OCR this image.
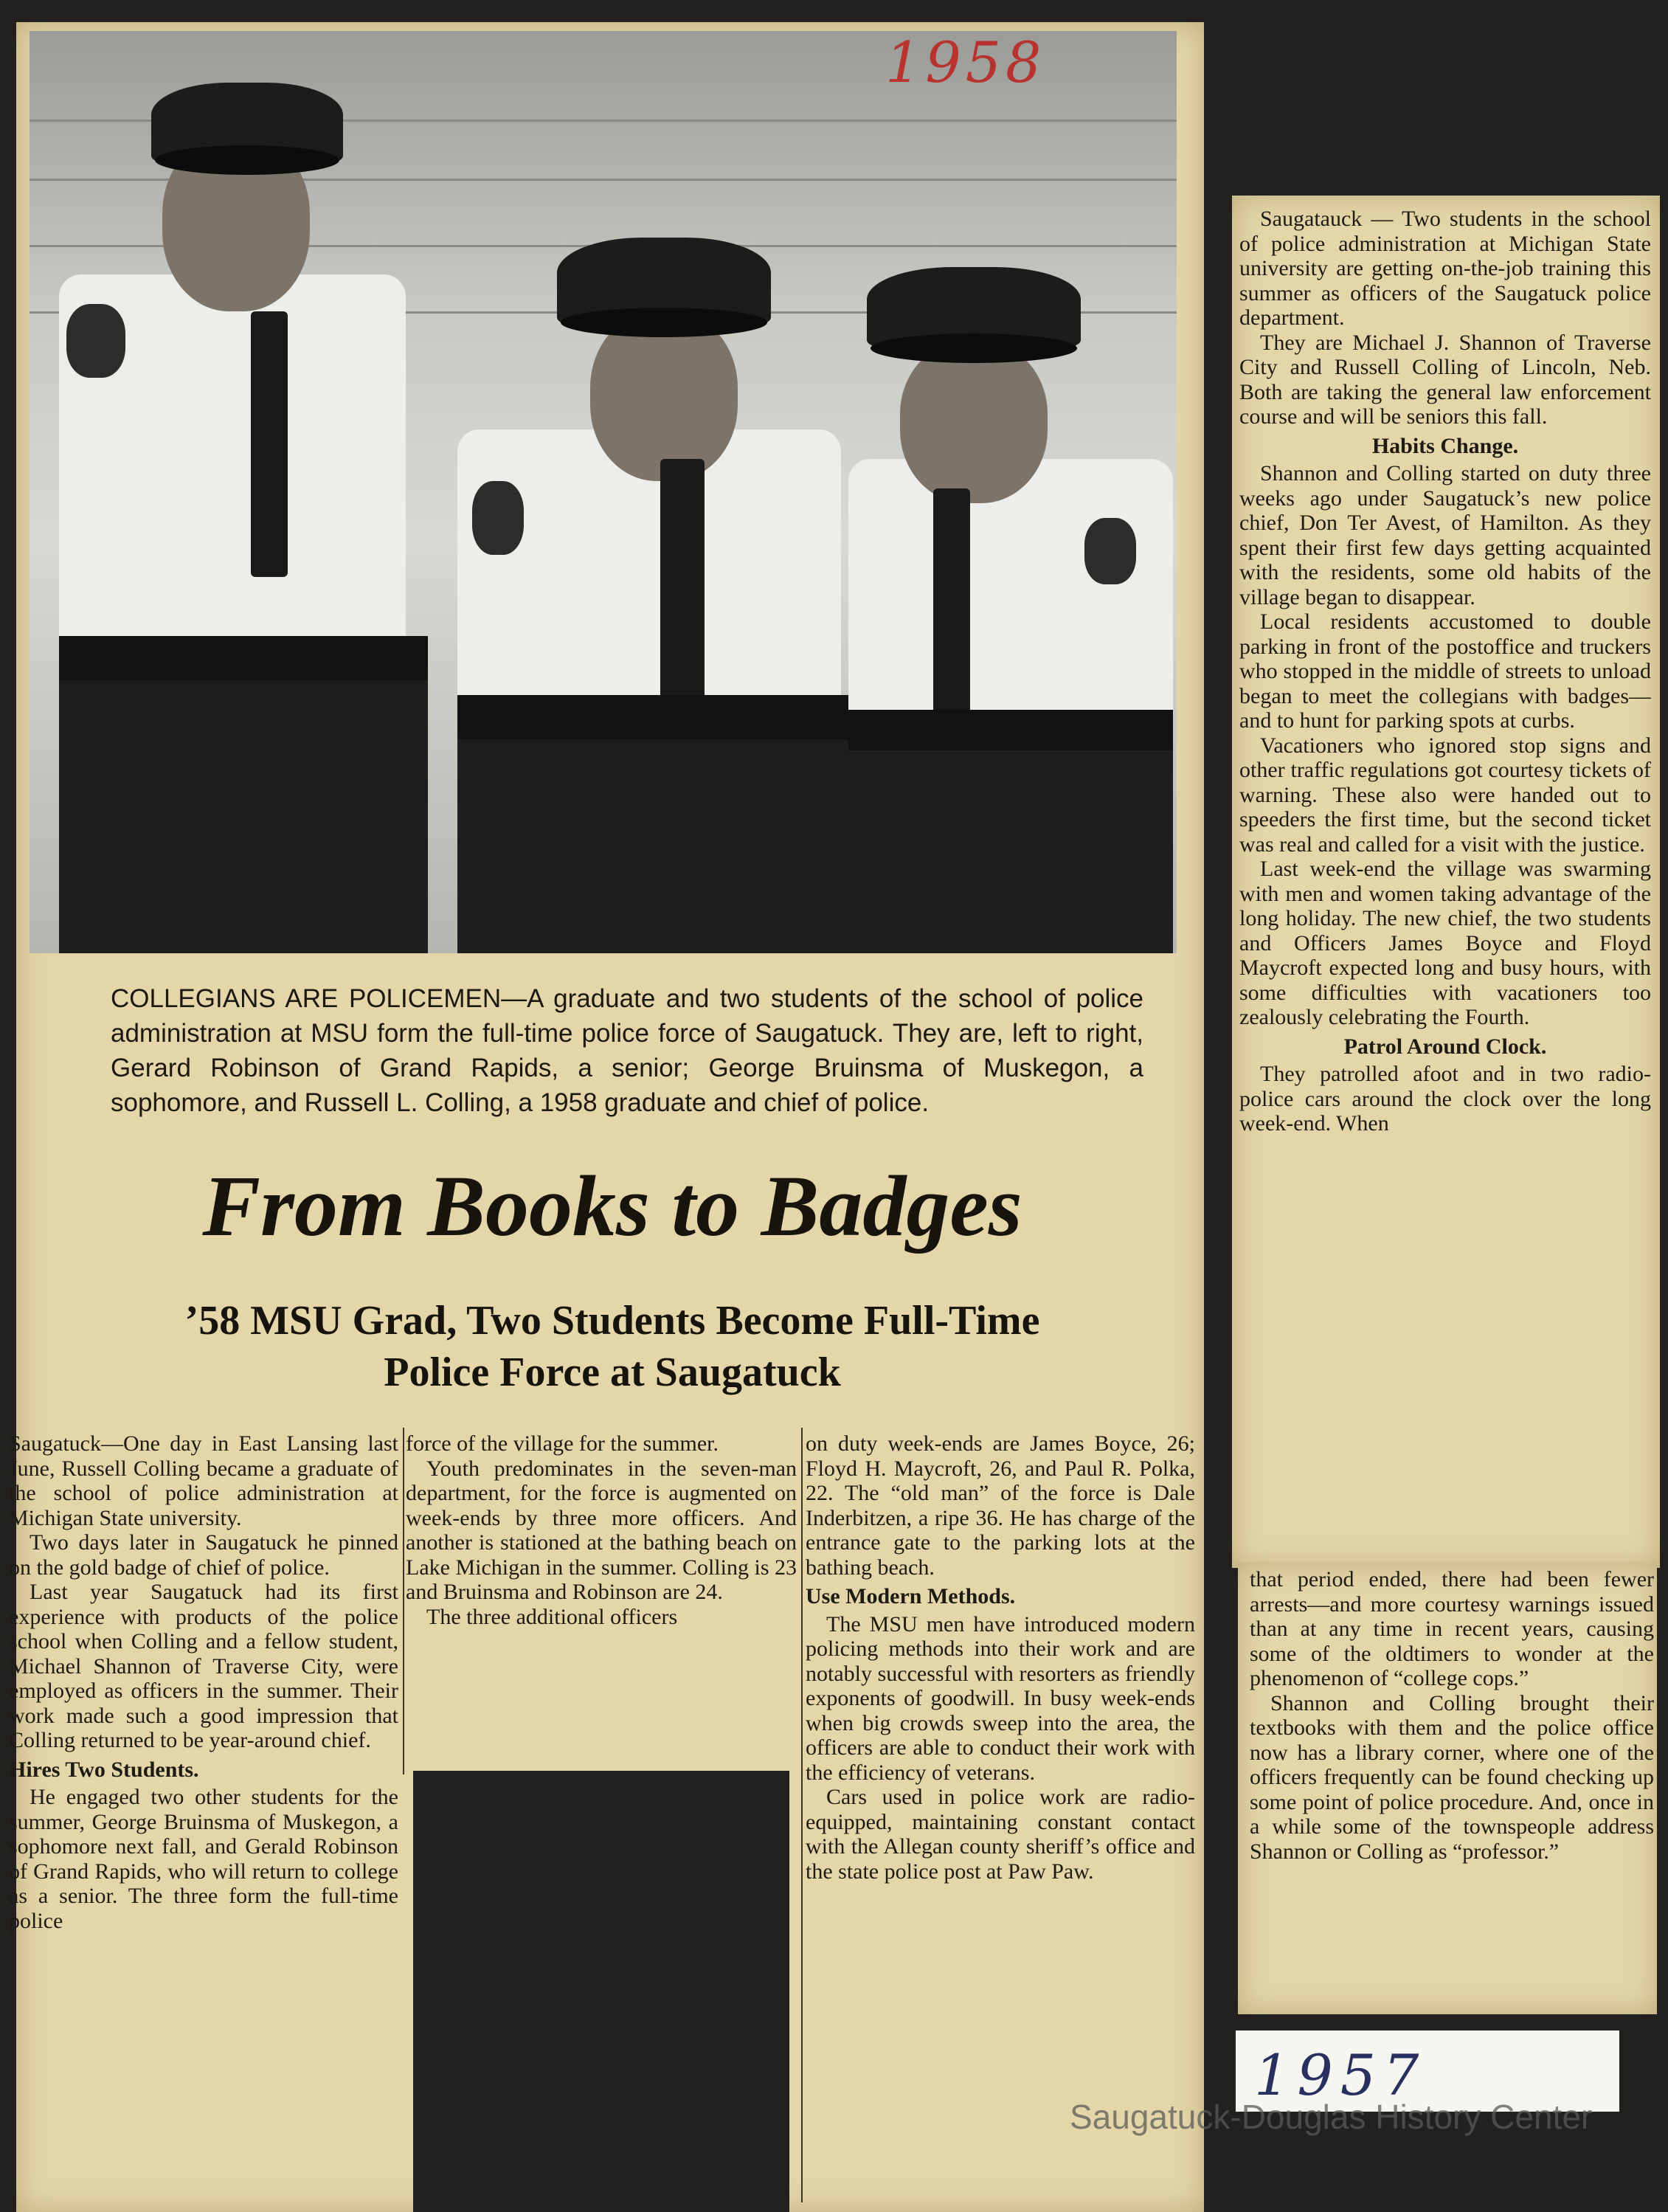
1958
COLLEGIANS ARE POLICEMEN—A graduate and two students of the school of police administration at MSU form the full-time police force of Saugatuck. They are, left to right, Gerard Robinson of Grand Rapids, a senior; George Bruinsma of Muskegon, a sophomore, and Russell L. Colling, a 1958 graduate and chief of police.
From Books to Badges
’58 MSU Grad, Two Students Become Full-Time
Police Force at Saugatuck

Saugatuck—One day in East Lansing last June, Russell Colling became a graduate of the school of police administration at Michigan State university.

Two days later in Saugatuck he pinned on the gold badge of chief of police.

Last year Saugatuck had its first experience with products of the police school when Colling and a fellow student, Michael Shannon of Traverse City, were employed as officers in the summer. Their work made such a good impression that Colling returned to be year-around chief.

Hires Two Students.

He engaged two other students for the summer, George Bruinsma of Muskegon, a sophomore next fall, and Gerald Robinson of Grand Rapids, who will return to college as a senior. The three form the full-time police

force of the village for the summer.

Youth predominates in the seven-man department, for the force is augmented on week-ends by three more officers. And another is stationed at the bathing beach on Lake Michigan in the summer. Colling is 23 and Bruinsma and Robinson are 24.

The three additional officers

on duty week-ends are James Boyce, 26; Floyd H. Maycroft, 26, and Paul R. Polka, 22. The “old man” of the force is Dale Inderbitzen, a ripe 36. He has charge of the entrance gate to the parking lots at the bathing beach.

Use Modern Methods.

The MSU men have introduced modern policing methods into their work and are notably successful with resorters as friendly exponents of goodwill. In busy week-ends when big crowds sweep into the area, the officers are able to conduct their work with the efficiency of veterans.

Cars used in police work are radio-equipped, maintaining constant contact with the Allegan county sheriff’s office and the state police post at Paw Paw.

Saugatauck — Two students in the school of police administration at Michigan State university are getting on-the-job training this summer as officers of the Saugatuck police department.

They are Michael J. Shannon of Traverse City and Russell Colling of Lincoln, Neb. Both are taking the general law enforcement course and will be seniors this fall.

Habits Change.

Shannon and Colling started on duty three weeks ago under Saugatuck’s new police chief, Don Ter Avest, of Hamilton. As they spent their first few days getting acquainted with the residents, some old habits of the village began to disappear.

Local residents accustomed to double parking in front of the postoffice and truckers who stopped in the middle of streets to unload began to meet the collegians with badges—and to hunt for parking spots at curbs.

Vacationers who ignored stop signs and other traffic regulations got courtesy tickets of warning. These also were handed out to speeders the first time, but the second ticket was real and called for a visit with the justice.

Last week-end the village was swarming with men and women taking advantage of the long holiday. The new chief, the two students and Officers James Boyce and Floyd Maycroft expected long and busy hours, with some difficulties with vacationers too zealously celebrating the Fourth.

Patrol Around Clock.

They patrolled afoot and in two radio-police cars around the clock over the long week-end. When

that period ended, there had been fewer arrests—and more courtesy warnings issued than at any time in recent years, causing some of the oldtimers to wonder at the phenomenon of “college cops.”

Shannon and Colling brought their textbooks with them and the police office now has a library corner, where one of the officers frequently can be found checking up some point of police procedure. And, once in a while some of the townspeople address Shannon or Colling as “professor.”

1957
Saugatuck-Douglas History Center
